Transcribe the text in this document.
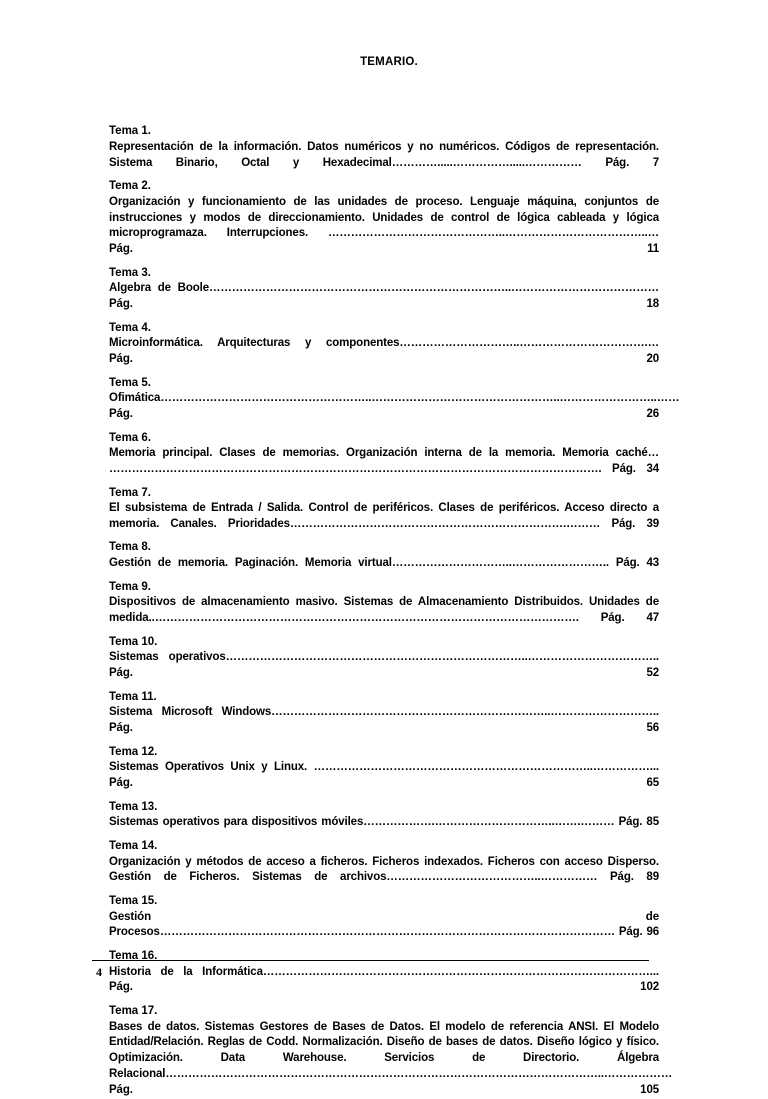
TEMARIO.
Tema 1.
Representación de la información. Datos numéricos y no numéricos. Códigos de representación. Sistema Binario, Octal y Hexadecimal………….....…………….....…………… Pág. 7
Tema 2.
Organización y funcionamiento de las unidades de proceso. Lenguaje máquina, conjuntos de instrucciones y modos de direccionamiento. Unidades de control de lógica cableada y lógica microprogramaza. Interrupciones. ………………………………………..………………………………..…Pág. 11
Tema 3.
Algebra de Boole……………………………………………………………………..………………………………… Pág. 18
Tema 4.
Microinformática. Arquitecturas y componentes…………………………..…………………………….… Pág. 20
Tema 5.
Ofimática………………………………………………..…………………………………………..……………………..…… Pág. 26
Tema 6.
Memoria principal. Clases de memorias. Organización interna de la memoria. Memoria caché… …………………………………………………………………………………………………………………. Pág. 34
Tema 7.
El subsistema de Entrada / Salida. Control de periféricos. Clases de periféricos. Acceso directo a memoria. Canales. Prioridades……………………………………………………………….……… Pág. 39
Tema 8.
Gestión de memoria. Paginación. Memoria virtual…………………………..…………………….. Pág. 43
Tema 9.
Dispositivos de almacenamiento masivo. Sistemas de Almacenamiento Distribuidos. Unidades de medida..…………………………………………………………………………………………………. Pág. 47
Tema 10.
Sistemas operativos……………………………………………………………………..…………………………….. Pág. 52
Tema 11.
Sistema Microsoft Windows………………………………………………………………..……………………….. Pág. 56
Tema 12.
Sistemas Operativos Unix y Linux. ………………………………………………………………..……………... Pág. 65
Tema 13.
Sistemas operativos para dispositivos móviles……………….…………………………..…….……… Pág. 85
Tema 14.
Organización y métodos de acceso a ficheros. Ficheros indexados. Ficheros con acceso Disperso. Gestión de Ficheros. Sistemas de archivos…………………………………..…………… Pág. 89
Tema 15.
Gestión de Procesos………………………………………………………………………………………………………… Pág. 96
Tema 16.
Historia de la Informática…………………………………………………………………………………………... Pág. 102
Tema 17.
Bases de datos. Sistemas Gestores de Bases de Datos. El modelo de referencia ANSI. El Modelo Entidad/Relación. Reglas de Codd. Normalización. Diseño de bases de datos. Diseño lógico y físico. Optimización. Data Warehouse. Servicios de Directorio. Álgebra Relacional……………………………………………………………………………………………………..……………… Pág. 105
4
